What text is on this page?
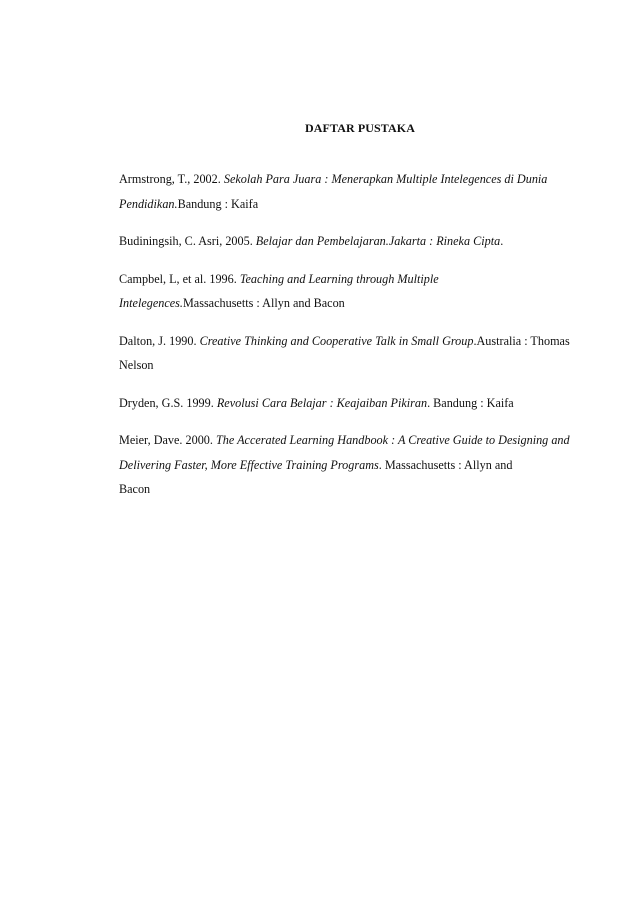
DAFTAR PUSTAKA
Armstrong, T., 2002. Sekolah Para Juara : Menerapkan Multiple Intelegences di Dunia
Pendidikan.Bandung : Kaifa
Budiningsih, C. Asri, 2005. Belajar dan Pembelajaran.Jakarta : Rineka Cipta.
Campbel, L, et al. 1996. Teaching and Learning through Multiple
Intelegences.Massachusetts : Allyn and Bacon
Dalton, J. 1990. Creative Thinking and Cooperative Talk in Small Group.Australia : Thomas
Nelson
Dryden, G.S. 1999. Revolusi Cara Belajar : Keajaiban Pikiran. Bandung : Kaifa
Meier, Dave. 2000. The Accerated Learning Handbook : A Creative Guide to Designing and
Delivering Faster, More Effective Training Programs. Massachusetts : Allyn and
Bacon
